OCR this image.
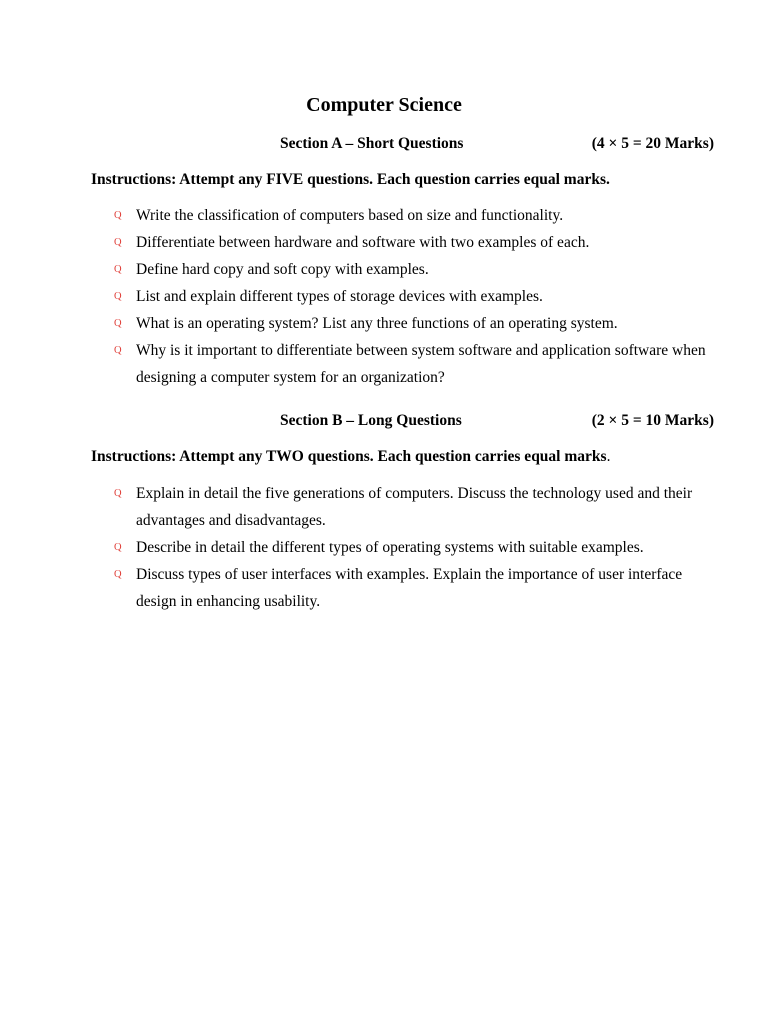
Computer Science
Section A – Short Questions	(4 × 5 = 20 Marks)
Instructions: Attempt any FIVE questions. Each question carries equal marks.
Q Write the classification of computers based on size and functionality.
Q Differentiate between hardware and software with two examples of each.
Q Define hard copy and soft copy with examples.
Q List and explain different types of storage devices with examples.
Q What is an operating system? List any three functions of an operating system.
Q Why is it important to differentiate between system software and application software when designing a computer system for an organization?
Section B – Long Questions	(2 × 5 = 10 Marks)
Instructions: Attempt any TWO questions. Each question carries equal marks.
Q Explain in detail the five generations of computers. Discuss the technology used and their advantages and disadvantages.
Q Describe in detail the different types of operating systems with suitable examples.
Q Discuss types of user interfaces with examples. Explain the importance of user interface design in enhancing usability.
